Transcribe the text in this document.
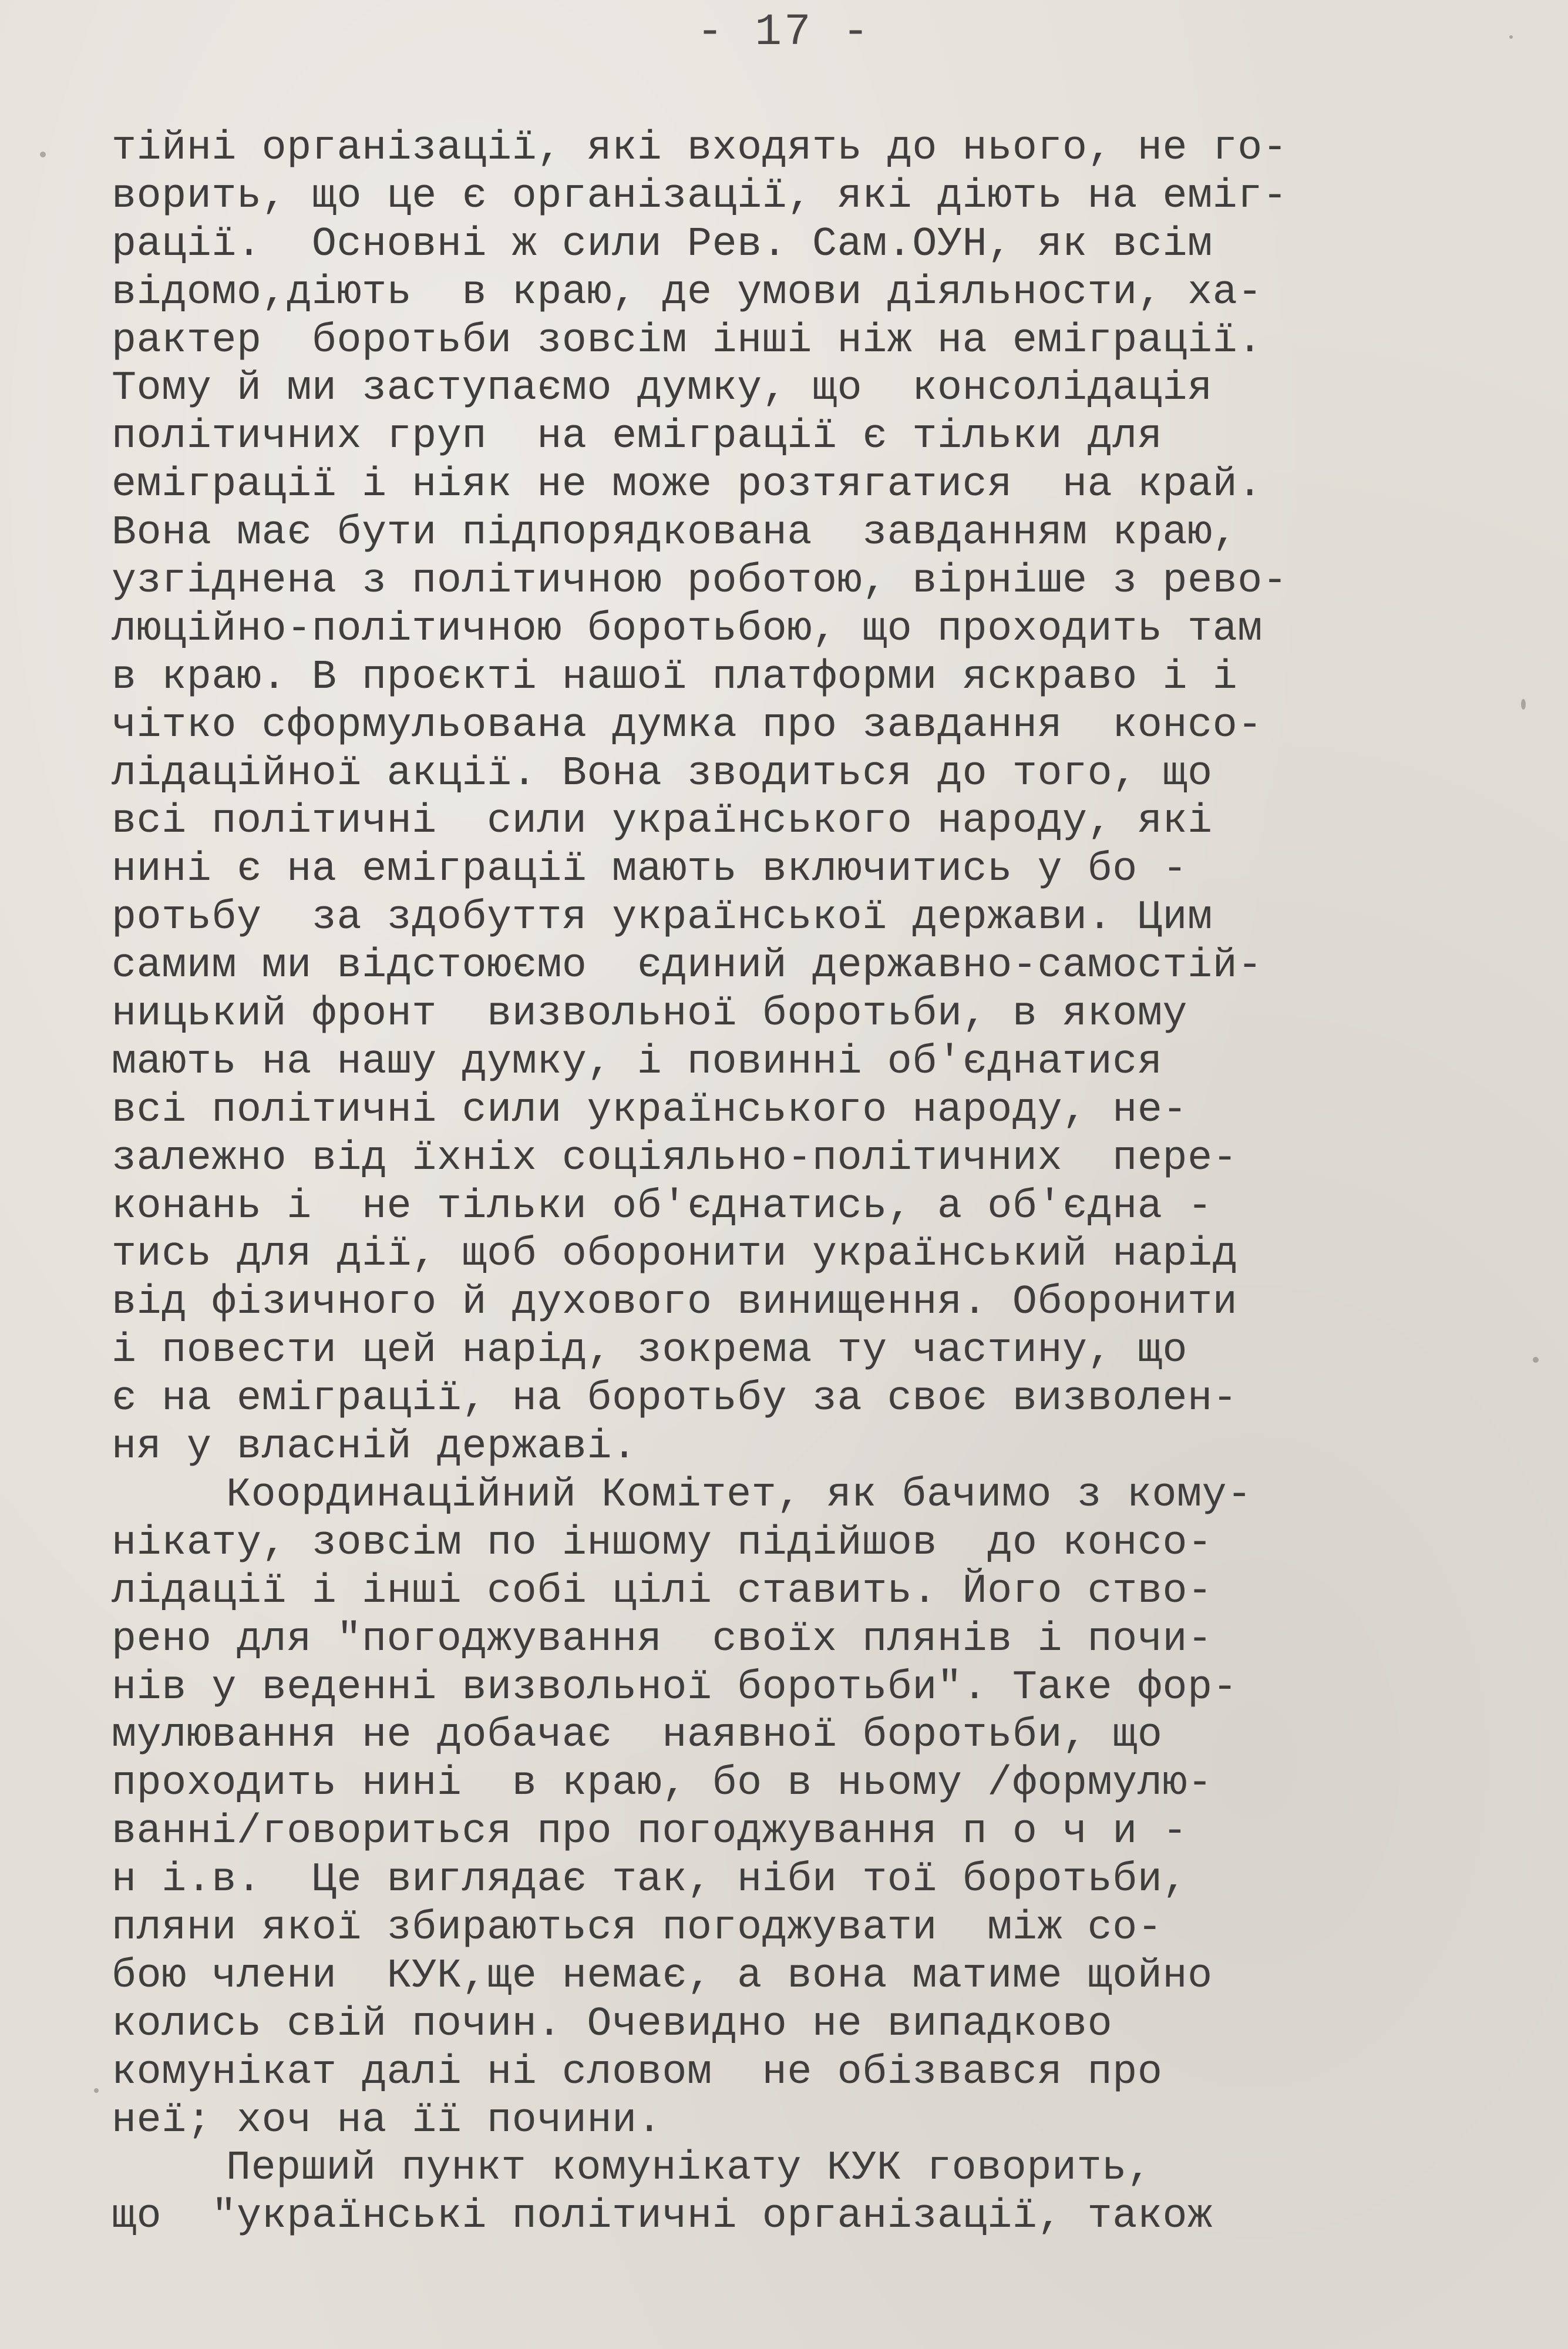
- 17 -
тійні організації, які входять до нього, не го-
ворить, що це є організації, які діють на еміг-
рації.  Основні ж сили Рев. Сам.ОУН, як всім
відомо,діють  в краю, де умови діяльности, ха-
рактер  боротьби зовсім інші ніж на еміграції.
Тому й ми заступаємо думку, що  консолідація
політичних груп  на еміграції є тільки для
еміграції і ніяк не може розтягатися  на край.
Вона має бути підпорядкована  завданням краю,
узгіднена з політичною роботою, вірніше з рево-
люційно-політичною боротьбою, що проходить там
в краю. В проєкті нашої платформи яскраво і і
чітко сформульована думка про завдання  консо-
лідаційної акції. Вона зводиться до того, що
всі політичні  сили українського народу, які
нині є на еміграції мають включитись у бо -
ротьбу  за здобуття української держави. Цим
самим ми відстоюємо  єдиний державно-самостій-
ницький фронт  визвольної боротьби, в якому
мають на нашу думку, і повинні об'єднатися
всі політичні сили українського народу, не-
залежно від їхніх соціяльно-політичних  пере-
конань і  не тільки об'єднатись, а об'єдна -
тись для дії, щоб оборонити український нарід
від фізичного й духового винищення. Оборонити
і повести цей нарід, зокрема ту частину, що
є на еміграції, на боротьбу за своє визволен-
ня у власній державі.
Координаційний Комітет, як бачимо з кому-
нікату, зовсім по іншому підійшов  до консо-
лідації і інші собі цілі ставить. Його ство-
рено для "погоджування  своїх плянів і почи-
нів у веденні визвольної боротьби". Таке фор-
мулювання не добачає  наявної боротьби, що
проходить нині  в краю, бо в ньому /формулю-
ванні/говориться про погоджування п о ч и -
н і.в.  Це виглядає так, ніби тої боротьби,
пляни якої збираються погоджувати  між со-
бою члени  КУК,ще немає, а вона матиме щойно
колись свій почин. Очевидно не випадково
комунікат далі ні словом  не обізвався про
неї; хоч на її почини.
Перший пункт комунікату КУК говорить,
що  "українські політичні організації, також
